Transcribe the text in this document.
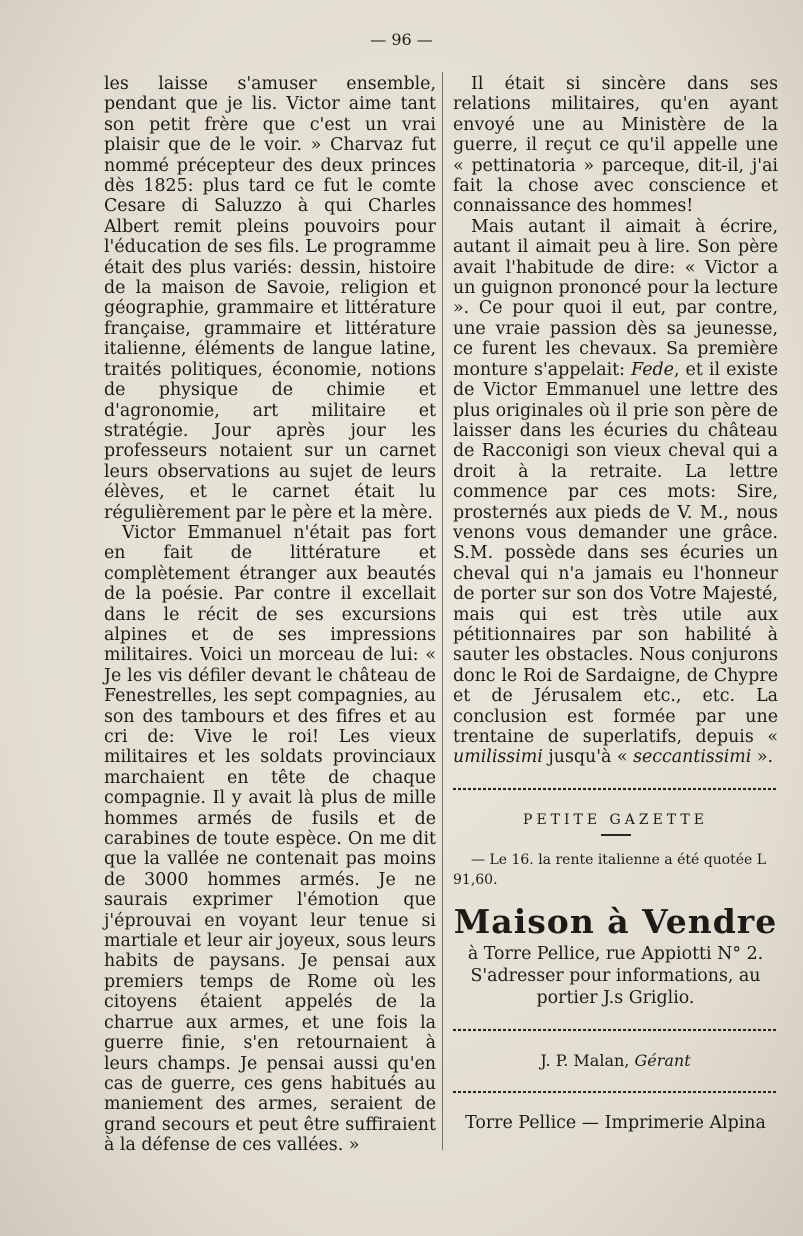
— 96 —

les laisse s'amuser ensemble, pendant que je lis. Victor aime tant son petit frère que c'est un vrai plaisir que de le voir. » Charvaz fut nommé précepteur des deux princes dès 1825: plus tard ce fut le comte Cesare di Saluzzo à qui Charles Albert remit pleins pouvoirs pour l'éducation de ses fils. Le programme était des plus variés: dessin, histoire de la maison de Savoie, religion et géographie, grammaire et littérature française, grammaire et littérature italienne, éléments de langue latine, traités politiques, économie, notions de physique de chimie et d'agronomie, art militaire et stratégie. Jour après jour les professeurs notaient sur un carnet leurs observations au sujet de leurs élèves, et le carnet était lu régulièrement par le père et la mère.

Victor Emmanuel n'était pas fort en fait de littérature et complètement étranger aux beautés de la poésie. Par contre il excellait dans le récit de ses excursions alpines et de ses impressions militaires. Voici un morceau de lui: « Je les vis défiler devant le château de Fenestrelles, les sept compagnies, au son des tambours et des fifres et au cri de: Vive le roi! Les vieux militaires et les soldats provinciaux marchaient en tête de chaque compagnie. Il y avait là plus de mille hommes armés de fusils et de carabines de toute espèce. On me dit que la vallée ne contenait pas moins de 3000 hommes armés. Je ne saurais exprimer l'émotion que j'éprouvai en voyant leur tenue si martiale et leur air joyeux, sous leurs habits de paysans. Je pensai aux premiers temps de Rome où les citoyens étaient appelés de la charrue aux armes, et une fois la guerre finie, s'en retournaient à leurs champs. Je pensai aussi qu'en cas de guerre, ces gens habitués au maniement des armes, seraient de grand secours et peut être suffiraient à la défense de ces vallées. »

Il était si sincère dans ses relations militaires, qu'en ayant envoyé une au Ministère de la guerre, il reçut ce qu'il appelle une « pettinatoria » parceque, dit-il, j'ai fait la chose avec conscience et connaissance des hommes!

Mais autant il aimait à écrire, autant il aimait peu à lire. Son père avait l'habitude de dire: « Victor a un guignon prononcé pour la lecture ». Ce pour quoi il eut, par contre, une vraie passion dès sa jeunesse, ce furent les chevaux. Sa première monture s'appelait: Fede, et il existe de Victor Emmanuel une lettre des plus originales où il prie son père de laisser dans les écuries du château de Racconigi son vieux cheval qui a droit à la retraite. La lettre commence par ces mots: Sire, prosternés aux pieds de V. M., nous venons vous demander une grâce. S.M. possède dans ses écuries un cheval qui n'a jamais eu l'honneur de porter sur son dos Votre Majesté, mais qui est très utile aux pétitionnaires par son habilité à sauter les obstacles. Nous conjurons donc le Roi de Sardaigne, de Chypre et de Jérusalem etc., etc. La conclusion est formée par une trentaine de superlatifs, depuis « umilissimi jusqu'à « seccantissimi ».

PETITE GAZETTE

— Le 16. la rente italienne a été quotée L 91,60.

Maison à Vendre

à Torre Pellice, rue Appiotti N° 2.

S'adresser pour informations, au portier J.s Griglio.

J. P. Malan, Gérant

Torre Pellice — Imprimerie Alpina
